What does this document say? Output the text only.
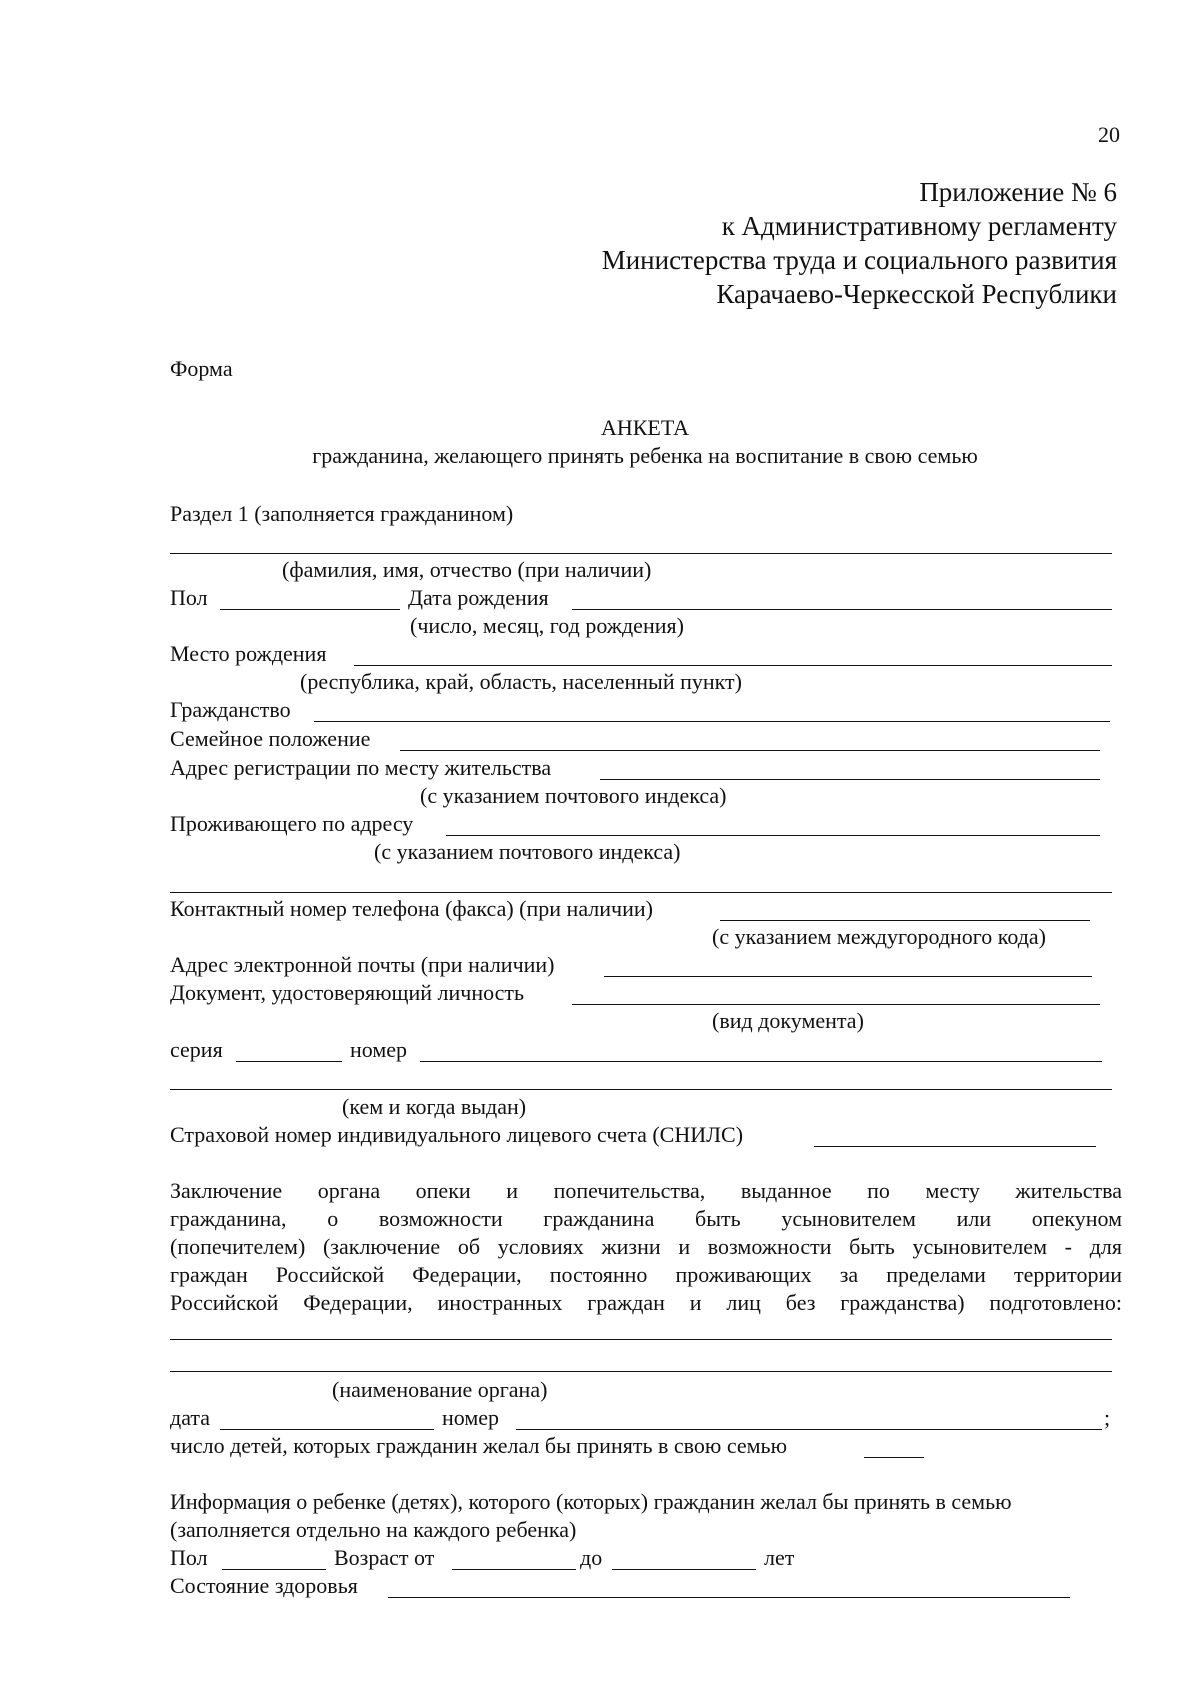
20
Приложение № 6
к Административному регламенту
Министерства труда и социального развития
Карачаево-Черкесской Республики
Форма
АНКЕТА
гражданина, желающего принять ребенка на воспитание в свою семью
Раздел 1 (заполняется гражданином)
(фамилия, имя, отчество (при наличии)
Пол	Дата рождения
(число, месяц, год рождения)
Место рождения
(республика, край, область, населенный пункт)
Гражданство
Семейное положение
Адрес регистрации по месту жительства
(с указанием почтового индекса)
Проживающего по адресу
(с указанием почтового индекса)
Контактный номер телефона (факса) (при наличии)
(с указанием междугородного кода)
Адрес электронной почты (при наличии)
Документ, удостоверяющий личность
(вид документа)
серия	номер
(кем и когда выдан)
Страховой номер индивидуального лицевого счета (СНИЛС)
Заключение органа опеки и попечительства, выданное по месту жительства
гражданина, о возможности гражданина быть усыновителем или опекуном
(попечителем) (заключение об условиях жизни и возможности быть усыновителем - для
граждан Российской Федерации, постоянно проживающих за пределами территории
Российской Федерации, иностранных граждан и лиц без гражданства) подготовлено:
(наименование органа)
дата	номер	;
число детей, которых гражданин желал бы принять в свою семью
Информация о ребенке (детях), которого (которых) гражданин желал бы принять в семью
(заполняется отдельно на каждого ребенка)
Пол	Возраст от	до	лет
Состояние здоровья
